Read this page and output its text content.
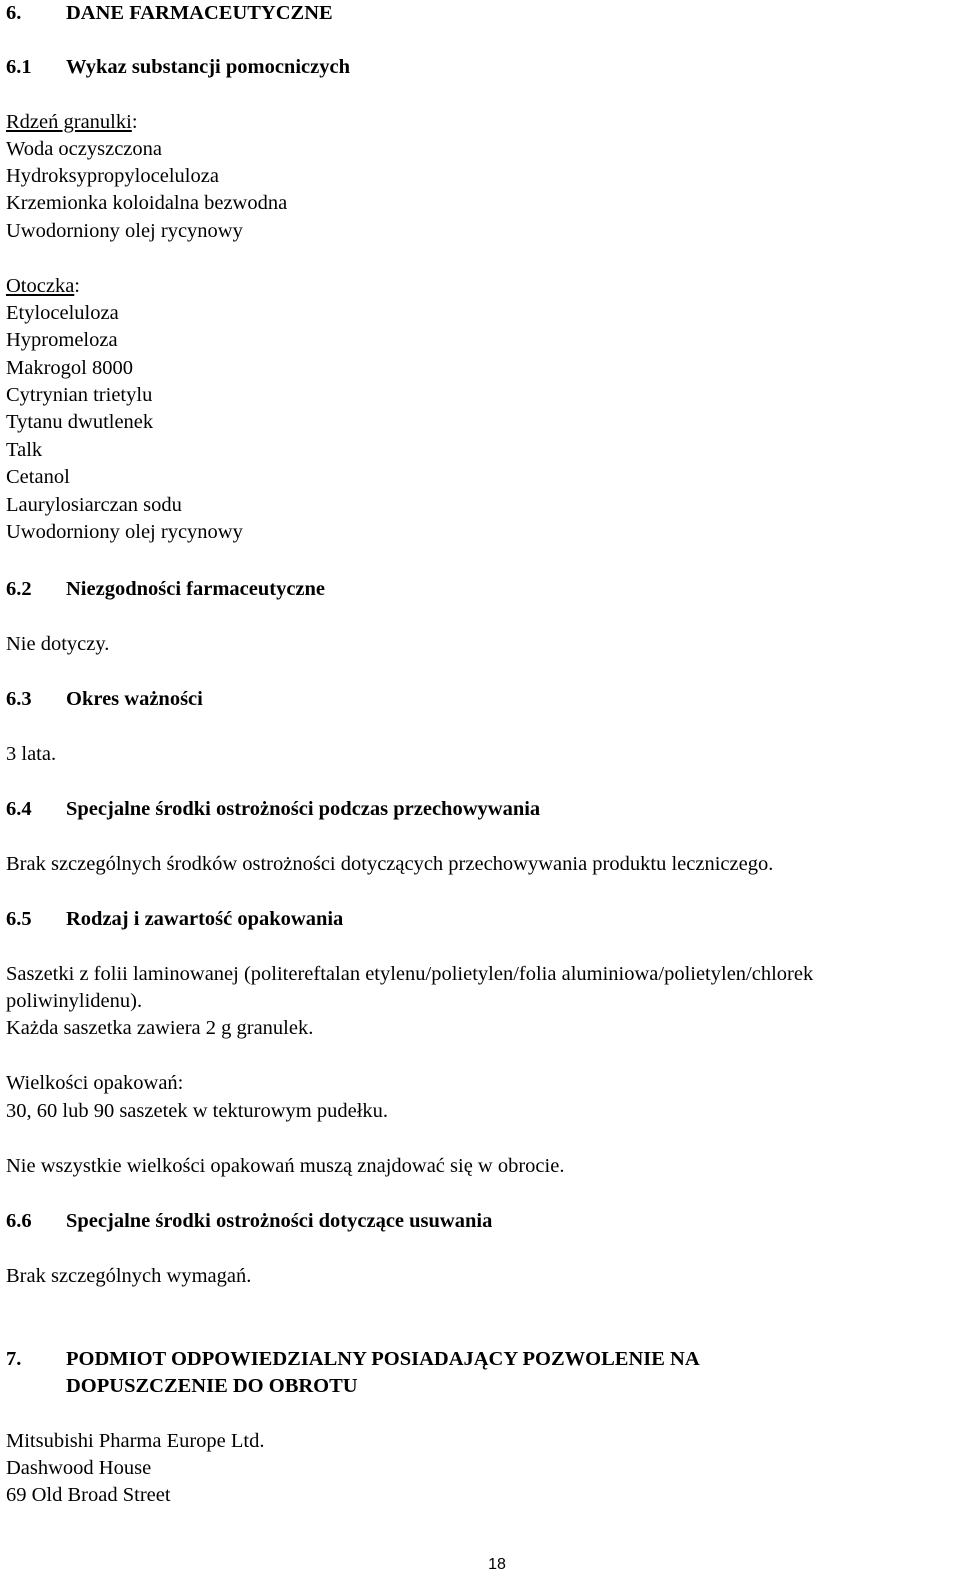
6. DANE FARMACEUTYCZNE
6.1 Wykaz substancji pomocniczych
Rdzeń granulki:
Woda oczyszczona
Hydroksypropyloceluloza
Krzemionka koloidalna bezwodna
Uwodorniony olej rycynowy
Otoczka:
Etyloceluloza
Hypromeloza
Makrogol 8000
Cytrynian trietylu
Tytanu dwutlenek
Talk
Cetanol
Laurylosiarczan sodu
Uwodorniony olej rycynowy
6.2 Niezgodności farmaceutyczne
Nie dotyczy.
6.3 Okres ważności
3 lata.
6.4 Specjalne środki ostrożności podczas przechowywania
Brak szczególnych środków ostrożności dotyczących przechowywania produktu leczniczego.
6.5 Rodzaj i zawartość opakowania
Saszetki z folii laminowanej (politereftalan etylenu/polietylen/folia aluminiowa/polietylen/chlorek
poliwinylidenu).
Każda saszetka zawiera 2 g granulek.
Wielkości opakowań:
30, 60 lub 90 saszetek w tekturowym pudełku.
Nie wszystkie wielkości opakowań muszą znajdować się w obrocie.
6.6 Specjalne środki ostrożności dotyczące usuwania
Brak szczególnych wymagań.
7. PODMIOT ODPOWIEDZIALNY POSIADAJĄCY POZWOLENIE NA
DOPUSZCZENIE DO OBROTU
Mitsubishi Pharma Europe Ltd.
Dashwood House
69 Old Broad Street
18
